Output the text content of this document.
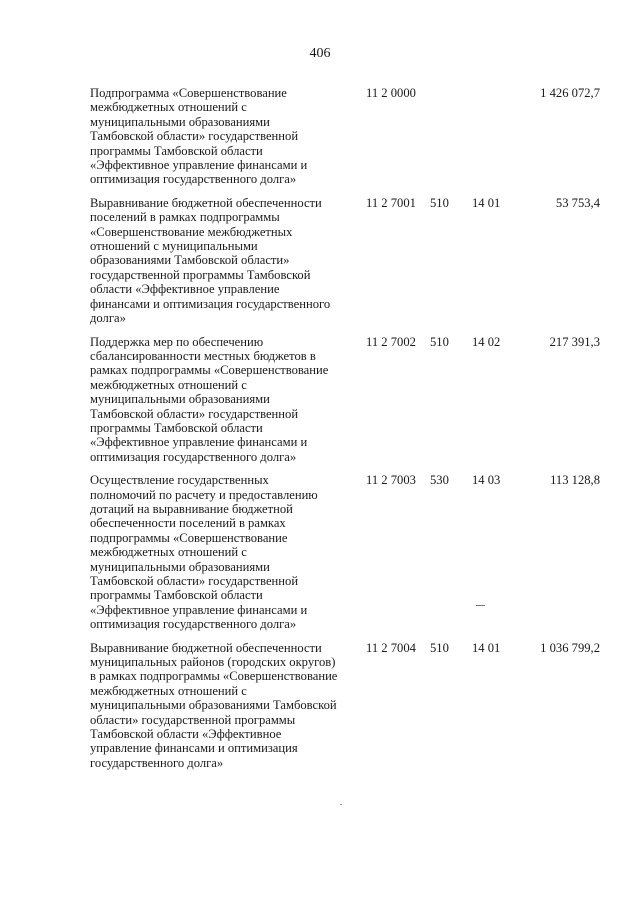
406
Подпрограмма «Совершенствование
межбюджетных отношений с
муниципальными образованиями
Тамбовской области» государственной
программы Тамбовской области
«Эффективное управление финансами и
оптимизация государственного долга»
11 2 0000	1 426 072,7
Выравнивание бюджетной обеспеченности
поселений в рамках подпрограммы
«Совершенствование межбюджетных
отношений с муниципальными
образованиями Тамбовской области»
государственной программы Тамбовской
области «Эффективное управление
финансами и оптимизация государственного
долга»
11 2 7001 510 14 01	53 753,4
Поддержка мер по обеспечению
сбалансированности местных бюджетов в
рамках подпрограммы «Совершенствование
межбюджетных отношений с
муниципальными образованиями
Тамбовской области» государственной
программы Тамбовской области
«Эффективное управление финансами и
оптимизация государственного долга»
11 2 7002 510 14 02	217 391,3
Осуществление государственных
полномочий по расчету и предоставлению
дотаций на выравнивание бюджетной
обеспеченности поселений в рамках
подпрограммы «Совершенствование
межбюджетных отношений с
муниципальными образованиями
Тамбовской области» государственной
программы Тамбовской области
«Эффективное управление финансами и
оптимизация государственного долга»
11 2 7003 530 14 03	113 128,8
Выравнивание бюджетной обеспеченности
муниципальных районов (городских округов)
в рамках подпрограммы «Совершенствование
межбюджетных отношений с
муниципальными образованиями Тамбовской
области» государственной программы
Тамбовской области «Эффективное
управление финансами и оптимизация
государственного долга»
11 2 7004 510 14 01	1 036 799,2
